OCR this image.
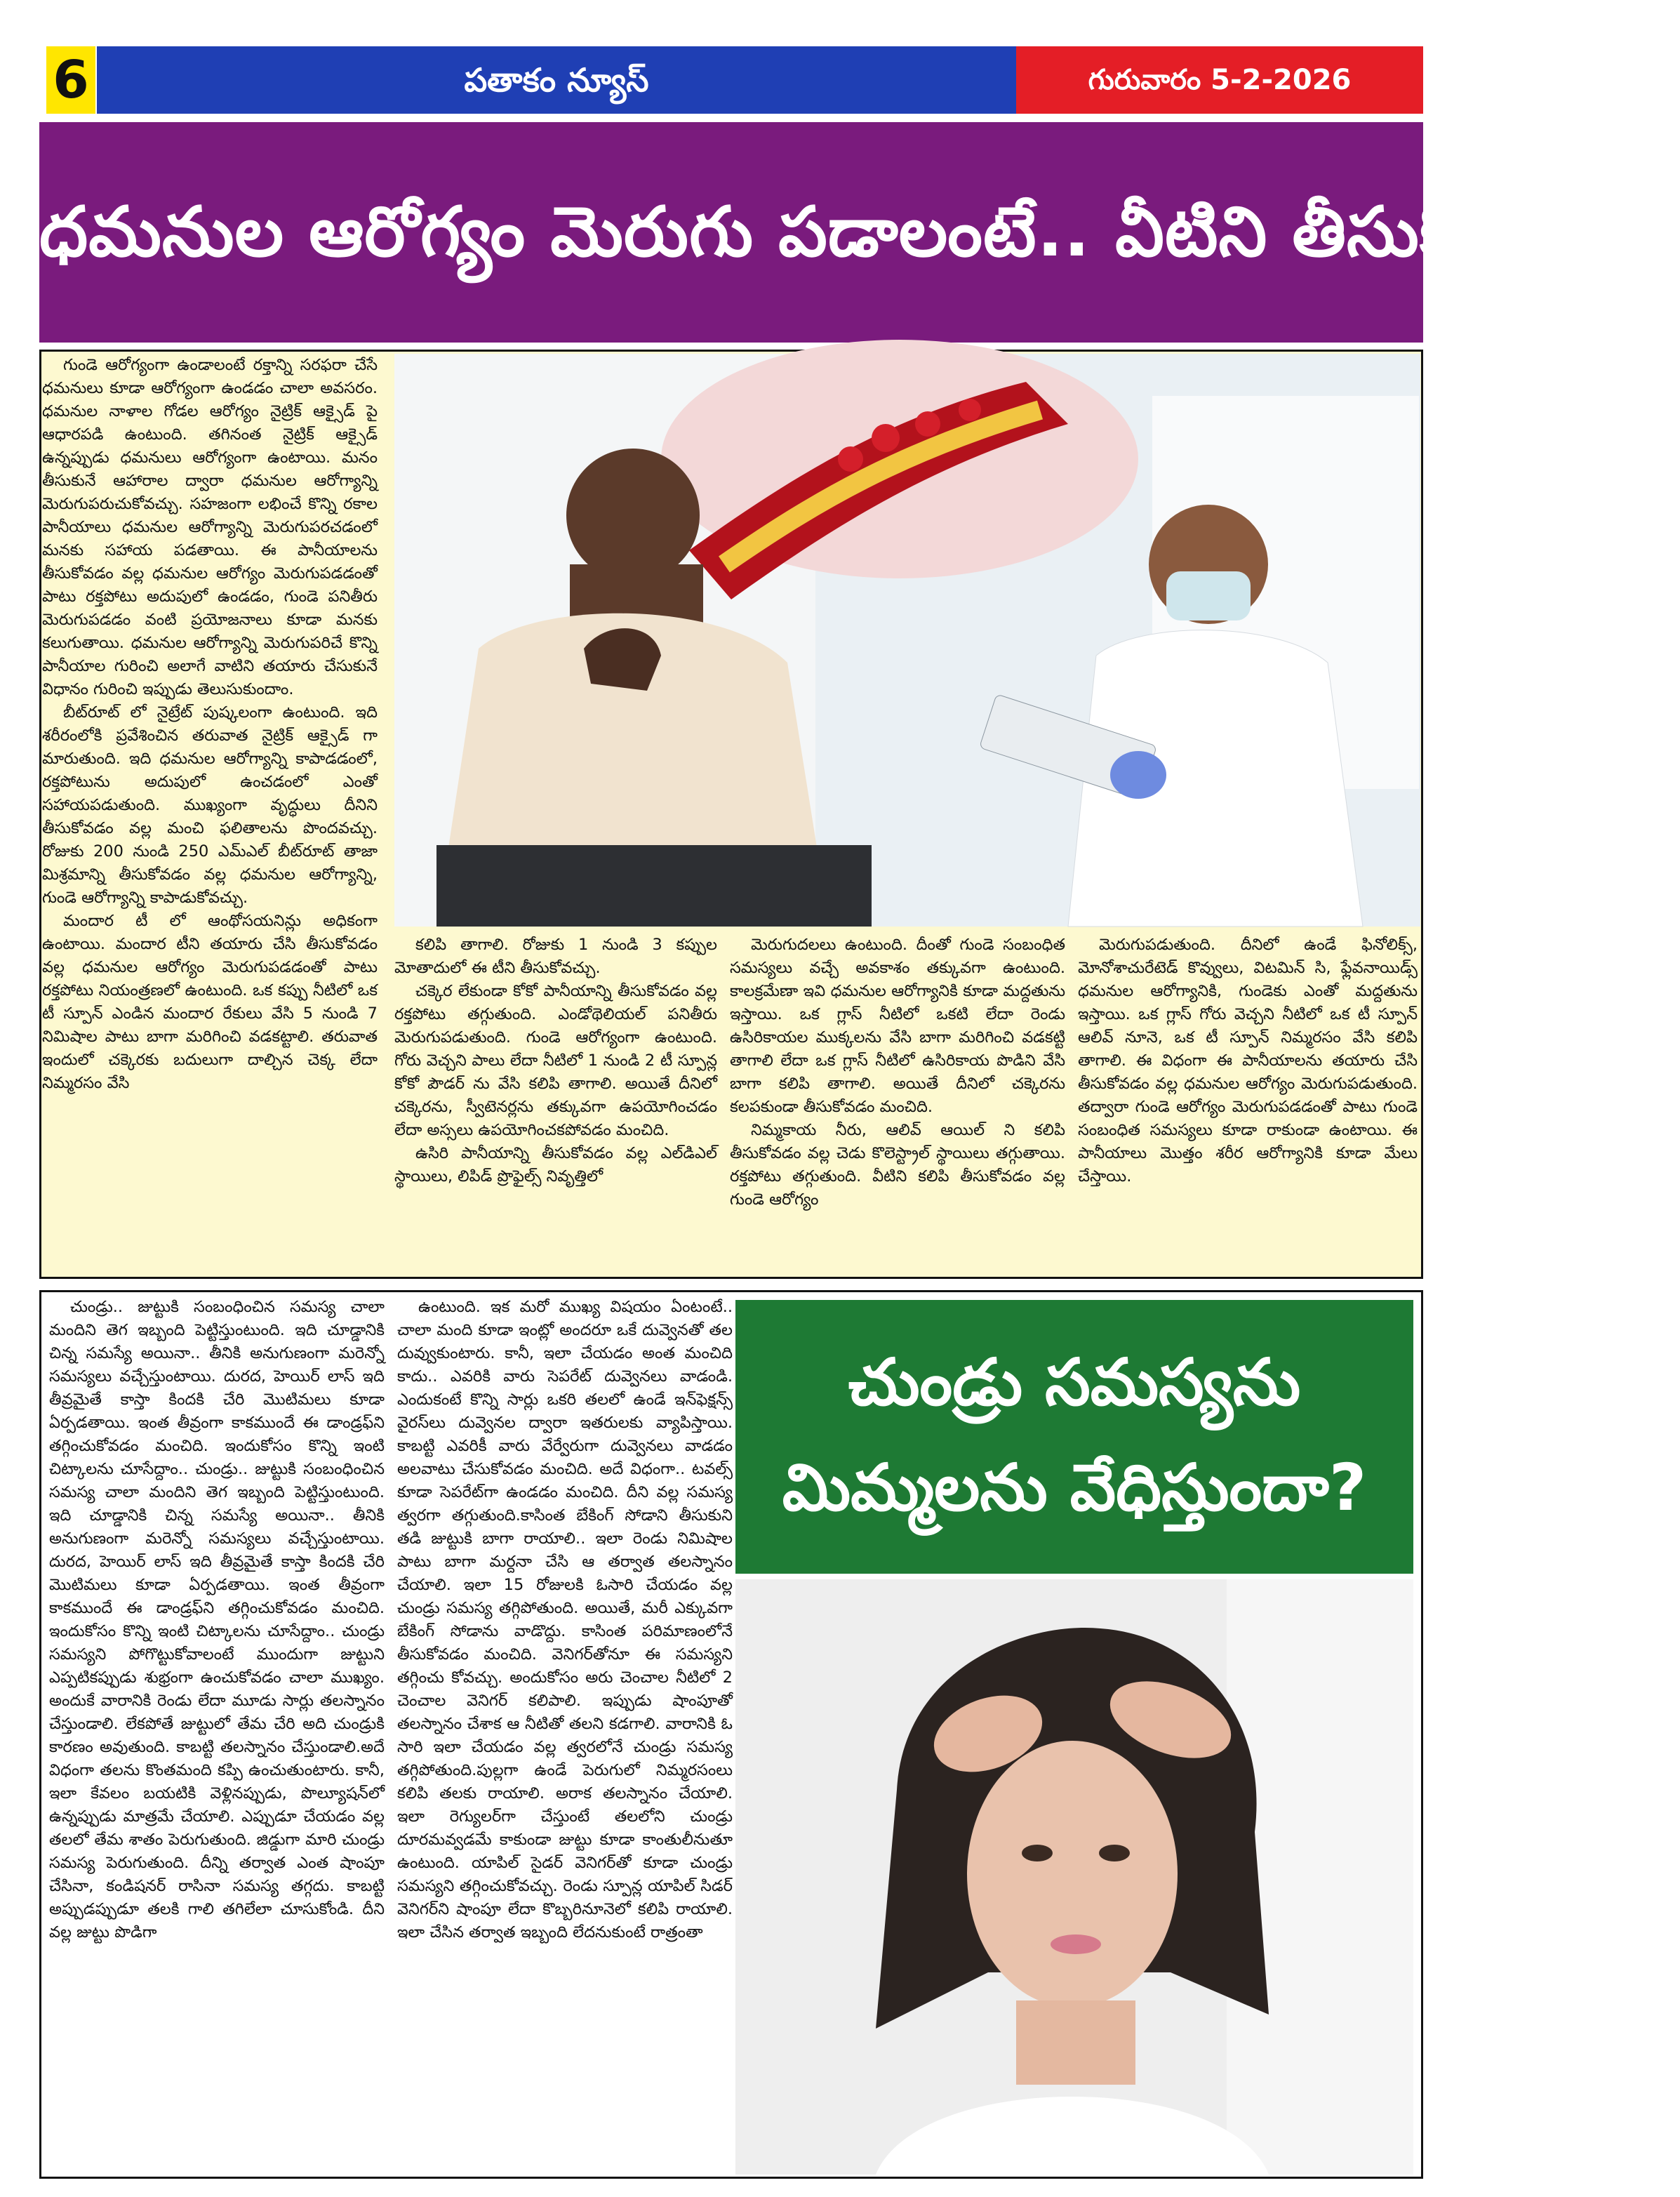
6	పతాకం న్యూస్	గురువారం 5-2-2026
ధమనుల ఆరోగ్యం మెరుగు పడాలంటే.. వీటిని తీసుకోవాలి..!

గుండె ఆరోగ్యంగా ఉండాలంటే రక్తాన్ని సరఫరా చేసే ధమనులు కూడా ఆరోగ్యంగా ఉండడం చాలా అవసరం. ధమనుల నాళాల గోడల ఆరోగ్యం నైట్రిక్ ఆక్సైడ్ పై ఆధారపడి ఉంటుంది. తగినంత నైట్రిక్ ఆక్సైడ్ ఉన్నప్పుడు ధమనులు ఆరోగ్యంగా ఉంటాయి. మనం తీసుకునే ఆహారాల ద్వారా ధమనుల ఆరోగ్యాన్ని మెరుగుపరుచుకోవచ్చు. సహజంగా లభించే కొన్ని రకాల పానీయాలు ధమనుల ఆరోగ్యాన్ని మెరుగుపరచడంలో మనకు సహాయ పడతాయి. ఈ పానీయాలను తీసుకోవడం వల్ల ధమనుల ఆరోగ్యం మెరుగుపడడంతో పాటు రక్తపోటు అదుపులో ఉండడం, గుండె పనితీరు మెరుగుపడడం వంటి ప్రయోజనాలు కూడా మనకు కలుగుతాయి. ధమనుల ఆరోగ్యాన్ని మెరుగుపరిచే కొన్ని పానీయాల గురించి అలాగే వాటిని తయారు చేసుకునే విధానం గురించి ఇప్పుడు తెలుసుకుందాం.

బీట్‌రూట్ లో నైట్రేట్ పుష్కలంగా ఉంటుంది. ఇది శరీరంలోకి ప్రవేశించిన తరువాత నైట్రిక్ ఆక్సైడ్ గా మారుతుంది. ఇది ధమనుల ఆరోగ్యాన్ని కాపాడడంలో, రక్తపోటును అదుపులో ఉంచడంలో ఎంతో సహాయపడుతుంది. ముఖ్యంగా వృద్ధులు దీనిని తీసుకోవడం వల్ల మంచి ఫలితాలను పొందవచ్చు. రోజుకు 200 నుండి 250 ఎమ్ఎల్ బీట్‌రూట్ తాజా మిశ్రమాన్ని తీసుకోవడం వల్ల ధమనుల ఆరోగ్యాన్ని, గుండె ఆరోగ్యాన్ని కాపాడుకోవచ్చు.

మందార టీ లో ఆంథోసయనిన్లు అధికంగా ఉంటాయి. మందార టీని తయారు చేసి తీసుకోవడం వల్ల ధమనుల ఆరోగ్యం మెరుగుపడడంతో పాటు రక్తపోటు నియంత్రణలో ఉంటుంది. ఒక కప్పు నీటిలో ఒక టీ స్పూన్ ఎండిన మందార రేకులు వేసి 5 నుండి 7 నిమిషాల పాటు బాగా మరిగించి వడకట్టాలి. తరువాత ఇందులో చక్కెరకు బదులుగా దాల్చిన చెక్క లేదా నిమ్మరసం వేసి

కలిపి తాగాలి. రోజుకు 1 నుండి 3 కప్పుల మోతాదులో ఈ టీని తీసుకోవచ్చు.

చక్కెర లేకుండా కోకో పానీయాన్ని తీసుకోవడం వల్ల రక్తపోటు తగ్గుతుంది. ఎండోథెలియల్ పనితీరు మెరుగుపడుతుంది. గుండె ఆరోగ్యంగా ఉంటుంది. గోరు వెచ్చని పాలు లేదా నీటిలో 1 నుండి 2 టీ స్పూన్ల కోకో పౌడర్ ను వేసి కలిపి తాగాలి. అయితే దీనిలో చక్కెరను, స్వీటెనర్లను తక్కువగా ఉపయోగించడం లేదా అస్సలు ఉపయోగించకపోవడం మంచిది.

ఉసిరి పానీయాన్ని తీసుకోవడం వల్ల ఎల్‌డిఎల్ స్థాయిలు, లిపిడ్ ప్రొఫైల్స్ నివృత్తిలో

మెరుగుదలలు ఉంటుంది. దీంతో గుండె సంబంధిత సమస్యలు వచ్చే అవకాశం తక్కువగా ఉంటుంది. కాలక్రమేణా ఇవి ధమనుల ఆరోగ్యానికి కూడా మద్దతును ఇస్తాయి. ఒక గ్లాస్ నీటిలో ఒకటి లేదా రెండు ఉసిరికాయల ముక్కలను వేసి బాగా మరిగించి వడకట్టి తాగాలి లేదా ఒక గ్లాస్ నీటిలో ఉసిరికాయ పొడిని వేసి బాగా కలిపి తాగాలి. అయితే దీనిలో చక్కెరను కలపకుండా తీసుకోవడం మంచిది.

నిమ్మకాయ నీరు, ఆలివ్ ఆయిల్ ని కలిపి తీసుకోవడం వల్ల చెడు కొలెస్ట్రాల్ స్థాయిలు తగ్గుతాయి. రక్తపోటు తగ్గుతుంది. వీటిని కలిపి తీసుకోవడం వల్ల గుండె ఆరోగ్యం

మెరుగుపడుతుంది. దీనిలో ఉండే ఫినోలిక్స్, మోనోశాచురేటెడ్ కొవ్వులు, విటమిన్ సి, ఫ్లేవనాయిడ్స్ ధమనుల ఆరోగ్యానికి, గుండెకు ఎంతో మద్దతును ఇస్తాయి. ఒక గ్లాస్ గోరు వెచ్చని నీటిలో ఒక టీ స్పూన్ ఆలివ్ నూనె, ఒక టీ స్పూన్ నిమ్మరసం వేసి కలిపి తాగాలి. ఈ విధంగా ఈ పానీయాలను తయారు చేసి తీసుకోవడం వల్ల ధమనుల ఆరోగ్యం మెరుగుపడుతుంది. తద్వారా గుండె ఆరోగ్యం మెరుగుపడడంతో పాటు గుండె సంబంధిత సమస్యలు కూడా రాకుండా ఉంటాయి. ఈ పానీయాలు మొత్తం శరీర ఆరోగ్యానికి కూడా మేలు చేస్తాయి.

చుండ్రు.. జుట్టుకి సంబంధించిన సమస్య చాలా మందిని తెగ ఇబ్బంది పెట్టిస్తుంటుంది. ఇది చూడ్డానికి చిన్న సమస్యే అయినా.. తీనికి అనుగుణంగా మరెన్నో సమస్యలు వచ్చేస్తుంటాయి. దురద, హెయిర్ లాస్ ఇది తీవ్రమైతే కాస్తా కిందకి చేరి మొటిమలు కూడా ఏర్పడతాయి. ఇంత తీవ్రంగా కాకముందే ఈ డాండ్రఫ్‌ని తగ్గించుకోవడం మంచిది. ఇందుకోసం కొన్ని ఇంటి చిట్కాలను చూసేద్దాం.. చుండ్రు.. జుట్టుకి సంబంధించిన సమస్య చాలా మందిని తెగ ఇబ్బంది పెట్టిస్తుంటుంది. ఇది చూడ్డానికి చిన్న సమస్యే అయినా.. తీనికి అనుగుణంగా మరెన్నో సమస్యలు వచ్చేస్తుంటాయి. దురద, హెయిర్ లాస్ ఇది తీవ్రమైతే కాస్తా కిందకి చేరి మొటిమలు కూడా ఏర్పడతాయి. ఇంత తీవ్రంగా కాకముందే ఈ డాండ్రఫ్‌ని తగ్గించుకోవడం మంచిది. ఇందుకోసం కొన్ని ఇంటి చిట్కాలను చూసేద్దాం.. చుండ్రు సమస్యని పోగొట్టుకోవాలంటే ముందుగా జుట్టుని ఎప్పటికప్పుడు శుభ్రంగా ఉంచుకోవడం చాలా ముఖ్యం. అందుకే వారానికి రెండు లేదా మూడు సార్లు తలస్నానం చేస్తుండాలి. లేకపోతే జుట్టులో తేమ చేరి అది చుండ్రుకి కారణం అవుతుంది. కాబట్టి తలస్నానం చేస్తుండాలి.అదే విధంగా తలను కొంతమంది కప్పి ఉంచుతుంటారు. కానీ, ఇలా కేవలం బయటికి వెళ్లినప్పుడు, పొల్యూషన్‌లో ఉన్నప్పుడు మాత్రమే చేయాలి. ఎప్పుడూ చేయడం వల్ల తలలో తేమ శాతం పెరుగుతుంది. జిడ్డుగా మారి చుండ్రు సమస్య పెరుగుతుంది. దీన్ని తర్వాత ఎంత షాంపూ చేసినా, కండిషనర్ రాసినా సమస్య తగ్గదు. కాబట్టి అప్పుడప్పుడూ తలకి గాలి తగిలేలా చూసుకోండి. దీని వల్ల జుట్టు పొడిగా

ఉంటుంది. ఇక మరో ముఖ్య విషయం ఏంటంటే.. చాలా మంది కూడా ఇంట్లో అందరూ ఒకే దువ్వెనతో తల దువ్వుకుంటారు. కానీ, ఇలా చేయడం అంత మంచిది కాదు.. ఎవరికి వారు సెపరేట్ దువ్వెనలు వాడండి. ఎందుకంటే కొన్ని సార్లు ఒకరి తలలో ఉండే ఇన్‌ఫెక్షన్స్ వైరస్‌లు దువ్వెనల ద్వారా ఇతరులకు వ్యాపిస్తాయి. కాబట్టి ఎవరికీ వారు వేర్వేరుగా దువ్వెనలు వాడడం అలవాటు చేసుకోవడం మంచిది. అదే విధంగా.. టవల్స్ కూడా సెపరేట్‌గా ఉండడం మంచిది. దీని వల్ల సమస్య త్వరగా తగ్గుతుంది.కాసింత బేకింగ్ సోడాని తీసుకుని తడి జుట్టుకి బాగా రాయాలి.. ఇలా రెండు నిమిషాల పాటు బాగా మర్దనా చేసి ఆ తర్వాత తలస్నానం చేయాలి. ఇలా 15 రోజులకి ఓసారి చేయడం వల్ల చుండ్రు సమస్య తగ్గిపోతుంది. అయితే, మరీ ఎక్కువగా బేకింగ్ సోడాను వాడొద్దు. కాసింత పరిమాణంలోనే తీసుకోవడం మంచిది. వెనిగర్‌తోనూ ఈ సమస్యని తగ్గించు కోవచ్చు. అందుకోసం అరు చెంచాల నీటిలో 2 చెంచాల వెనిగర్ కలిపాలి. ఇప్పుడు షాంపూతో తలస్నానం చేశాక ఆ నీటితో తలని కడగాలి. వారానికి ఓ సారి ఇలా చేయడం వల్ల త్వరలోనే చుండ్రు సమస్య తగ్గిపోతుంది.పుల్లగా ఉండే పెరుగులో నిమ్మరసంలు కలిపి తలకు రాయాలి. అరాక తలస్నానం చేయాలి. ఇలా రెగ్యులర్‌గా చేస్తుంటే తలలోని చుండ్రు దూరమవ్వడమే కాకుండా జుట్టు కూడా కాంతులీనుతూ ఉంటుంది. యాపిల్ సైడర్ వెనిగర్‌తో కూడా చుండ్రు సమస్యని తగ్గించుకోవచ్చు. రెండు స్పూన్ల యాపిల్ సిడర్ వెనిగర్‌ని షాంపూ లేదా కొబ్బరినూనెలో కలిపి రాయాలి. ఇలా చేసిన తర్వాత ఇబ్బంది లేదనుకుంటే రాత్రంతా

చుండ్రు సమస్యను
మిమ్మలను వేధిస్తుందా?
